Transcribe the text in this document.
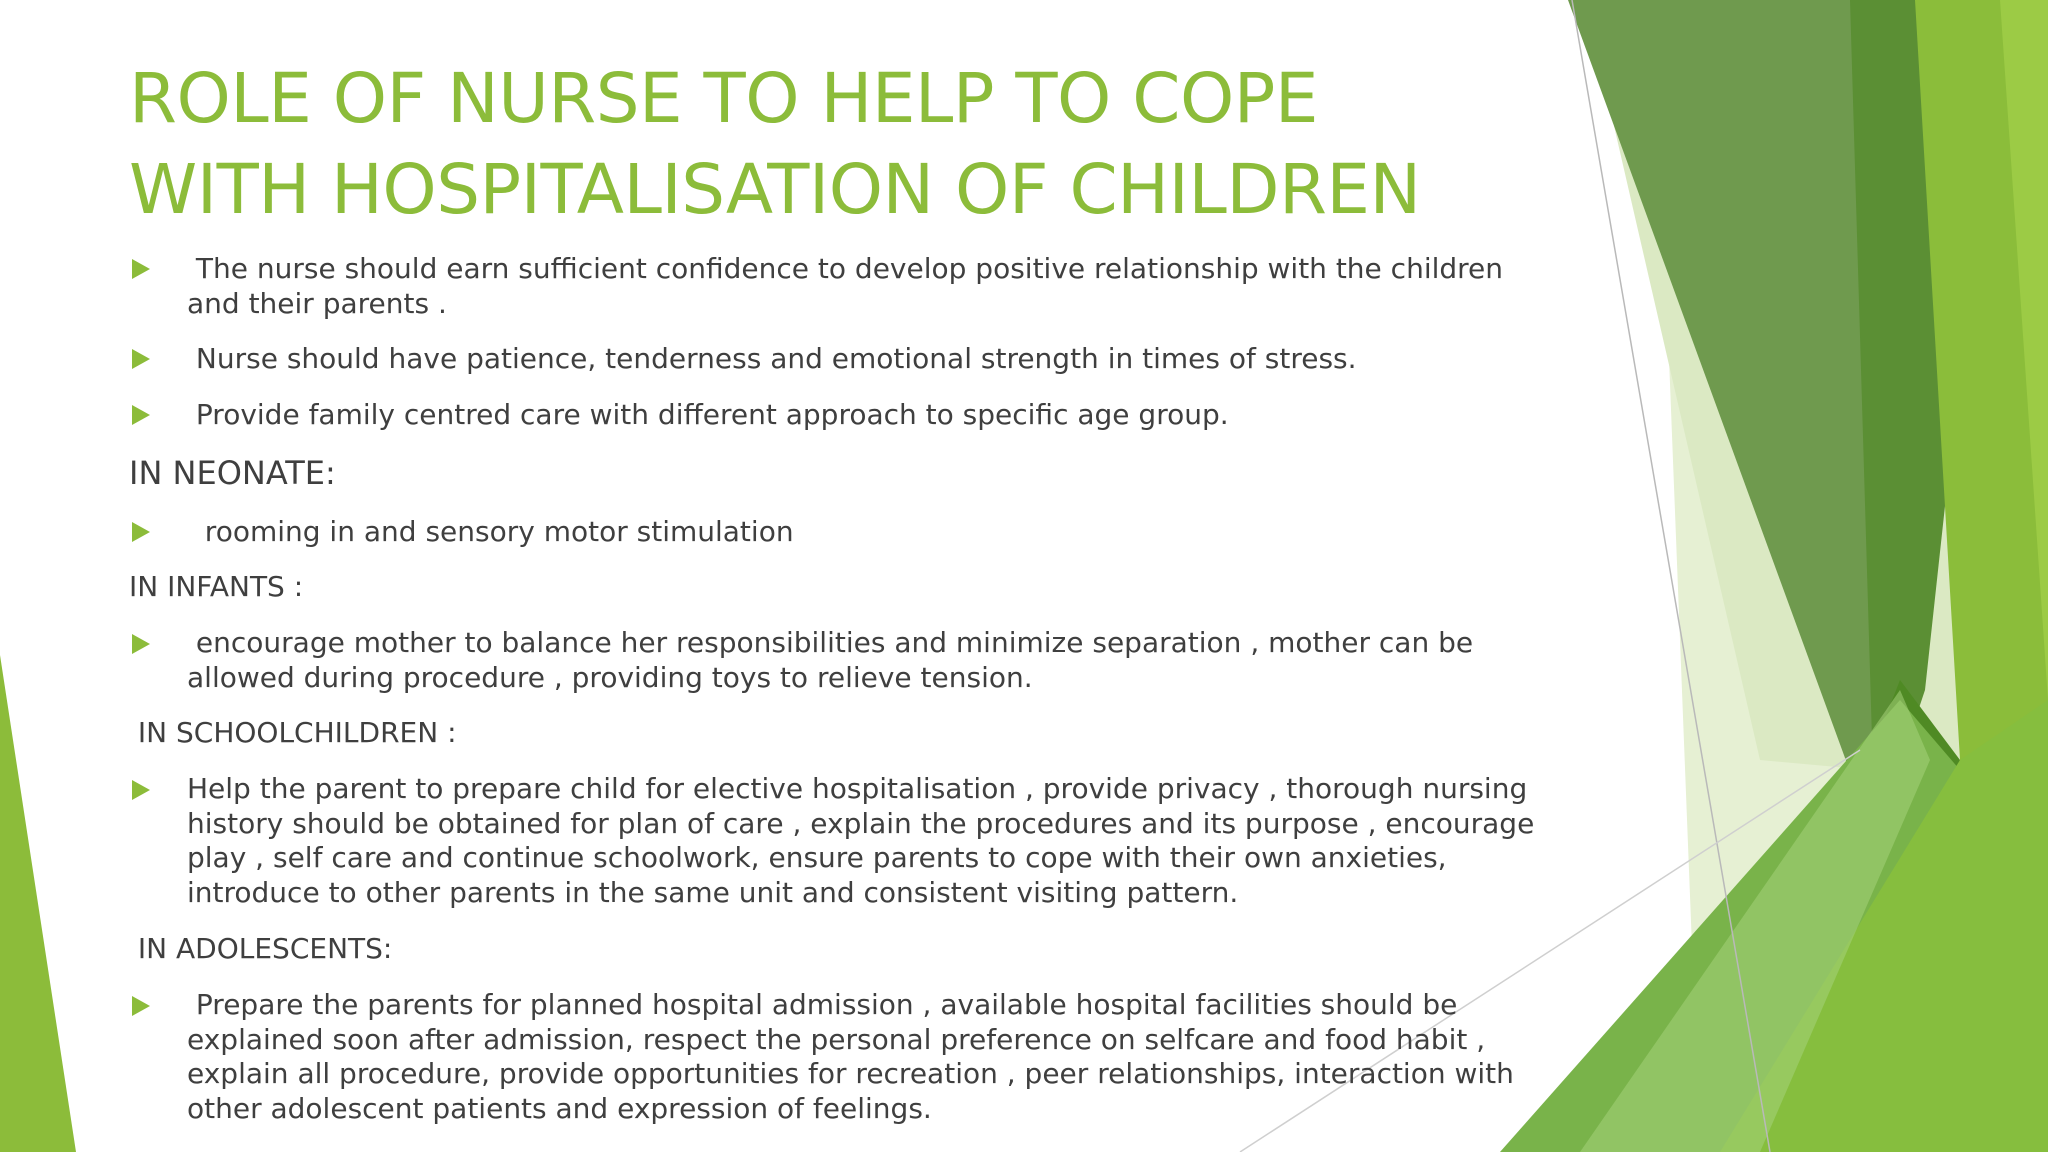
ROLE OF NURSE TO HELP TO COPE
WITH HOSPITALISATION OF CHILDREN
The nurse should earn sufficient confidence to develop positive relationship with the children
and their parents .
Nurse should have patience, tenderness and emotional strength in times of stress.
Provide family centred care with different approach to specific age group.
IN NEONATE:
rooming in and sensory motor stimulation
IN INFANTS :
encourage mother to balance her responsibilities and minimize separation , mother can be
allowed during procedure , providing toys to relieve tension.
IN SCHOOLCHILDREN :
Help the parent to prepare child for elective hospitalisation , provide privacy , thorough nursing
history should be obtained for plan of care , explain the procedures and its purpose , encourage
play , self care and continue schoolwork, ensure parents to cope with their own anxieties,
introduce to other parents in the same unit and consistent visiting pattern.
IN ADOLESCENTS:
Prepare the parents for planned hospital admission , available hospital facilities should be
explained soon after admission, respect the personal preference on selfcare and food habit ,
explain all procedure, provide opportunities for recreation , peer relationships, interaction with
other adolescent patients and expression of feelings.
